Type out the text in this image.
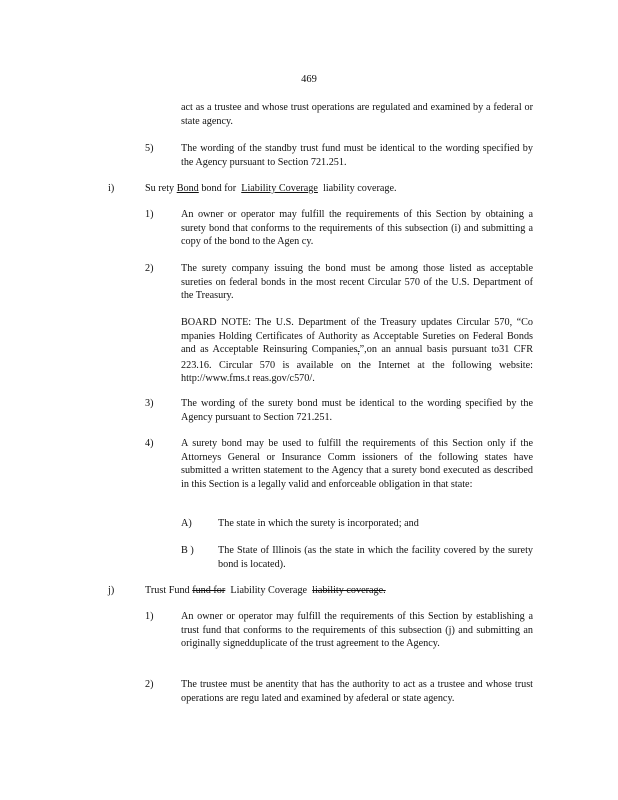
469
act as a trustee and whose trust operations are regulated and examined by a federal or state agency.
5)	The wording of the standby trust fund must be identical to the wording specified by the Agency pursuant to Section 721.251.
i)	Su rety Bond bond for Liability Coverage liability coverage.
1)	An owner or operator may fulfill the requirements of this Section by obtaining a surety bond that conforms to the requirements of this subsection (i) and submitting a copy of the bond to the Agen cy.
2)	The surety company issuing the bond must be among those listed as acceptable sureties on federal bonds in the most recent Circular 570 of the U.S. Department of the Treasury.
BOARD NOTE: The U.S. Department of the Treasury updates Circular 570, “Co mpanies Holding Certificates of Authority as Acceptable Sureties on Federal Bonds and as Acceptable Reinsuring Companies,”,on an annual basis pursuant to31 CFR 223.16. Circular 570 is available on the Internet at the following website: http://www.fms.t reas.gov/c570/.
3)	The wording of the surety bond must be identical to the wording specified by the Agency pursuant to Section 721.251.
4)	A surety bond may be used to fulfill the requirements of this Section only if the Attorneys General or Insurance Comm issioners of the following states have submitted a written statement to the Agency that a surety bond executed as described in this Section is a legally valid and enforceable obligation in that state:
A)	The state in which the surety is incorporated; and
B ) The State of Illinois (as the state in which the facility covered by the surety bond is located).
j)	Trust Fund fund for Liability Coverage liability coverage.
1)	An owner or operator may fulfill the requirements of this Section by establishing a trust fund that conforms to the requirements of this subsection (j) and submitting an originally signedduplicate of the trust agreement to the Agency.
2)	The trustee must be anentity that has the authority to act as a trustee and whose trust operations are regu lated and examined by afederal or state agency.
